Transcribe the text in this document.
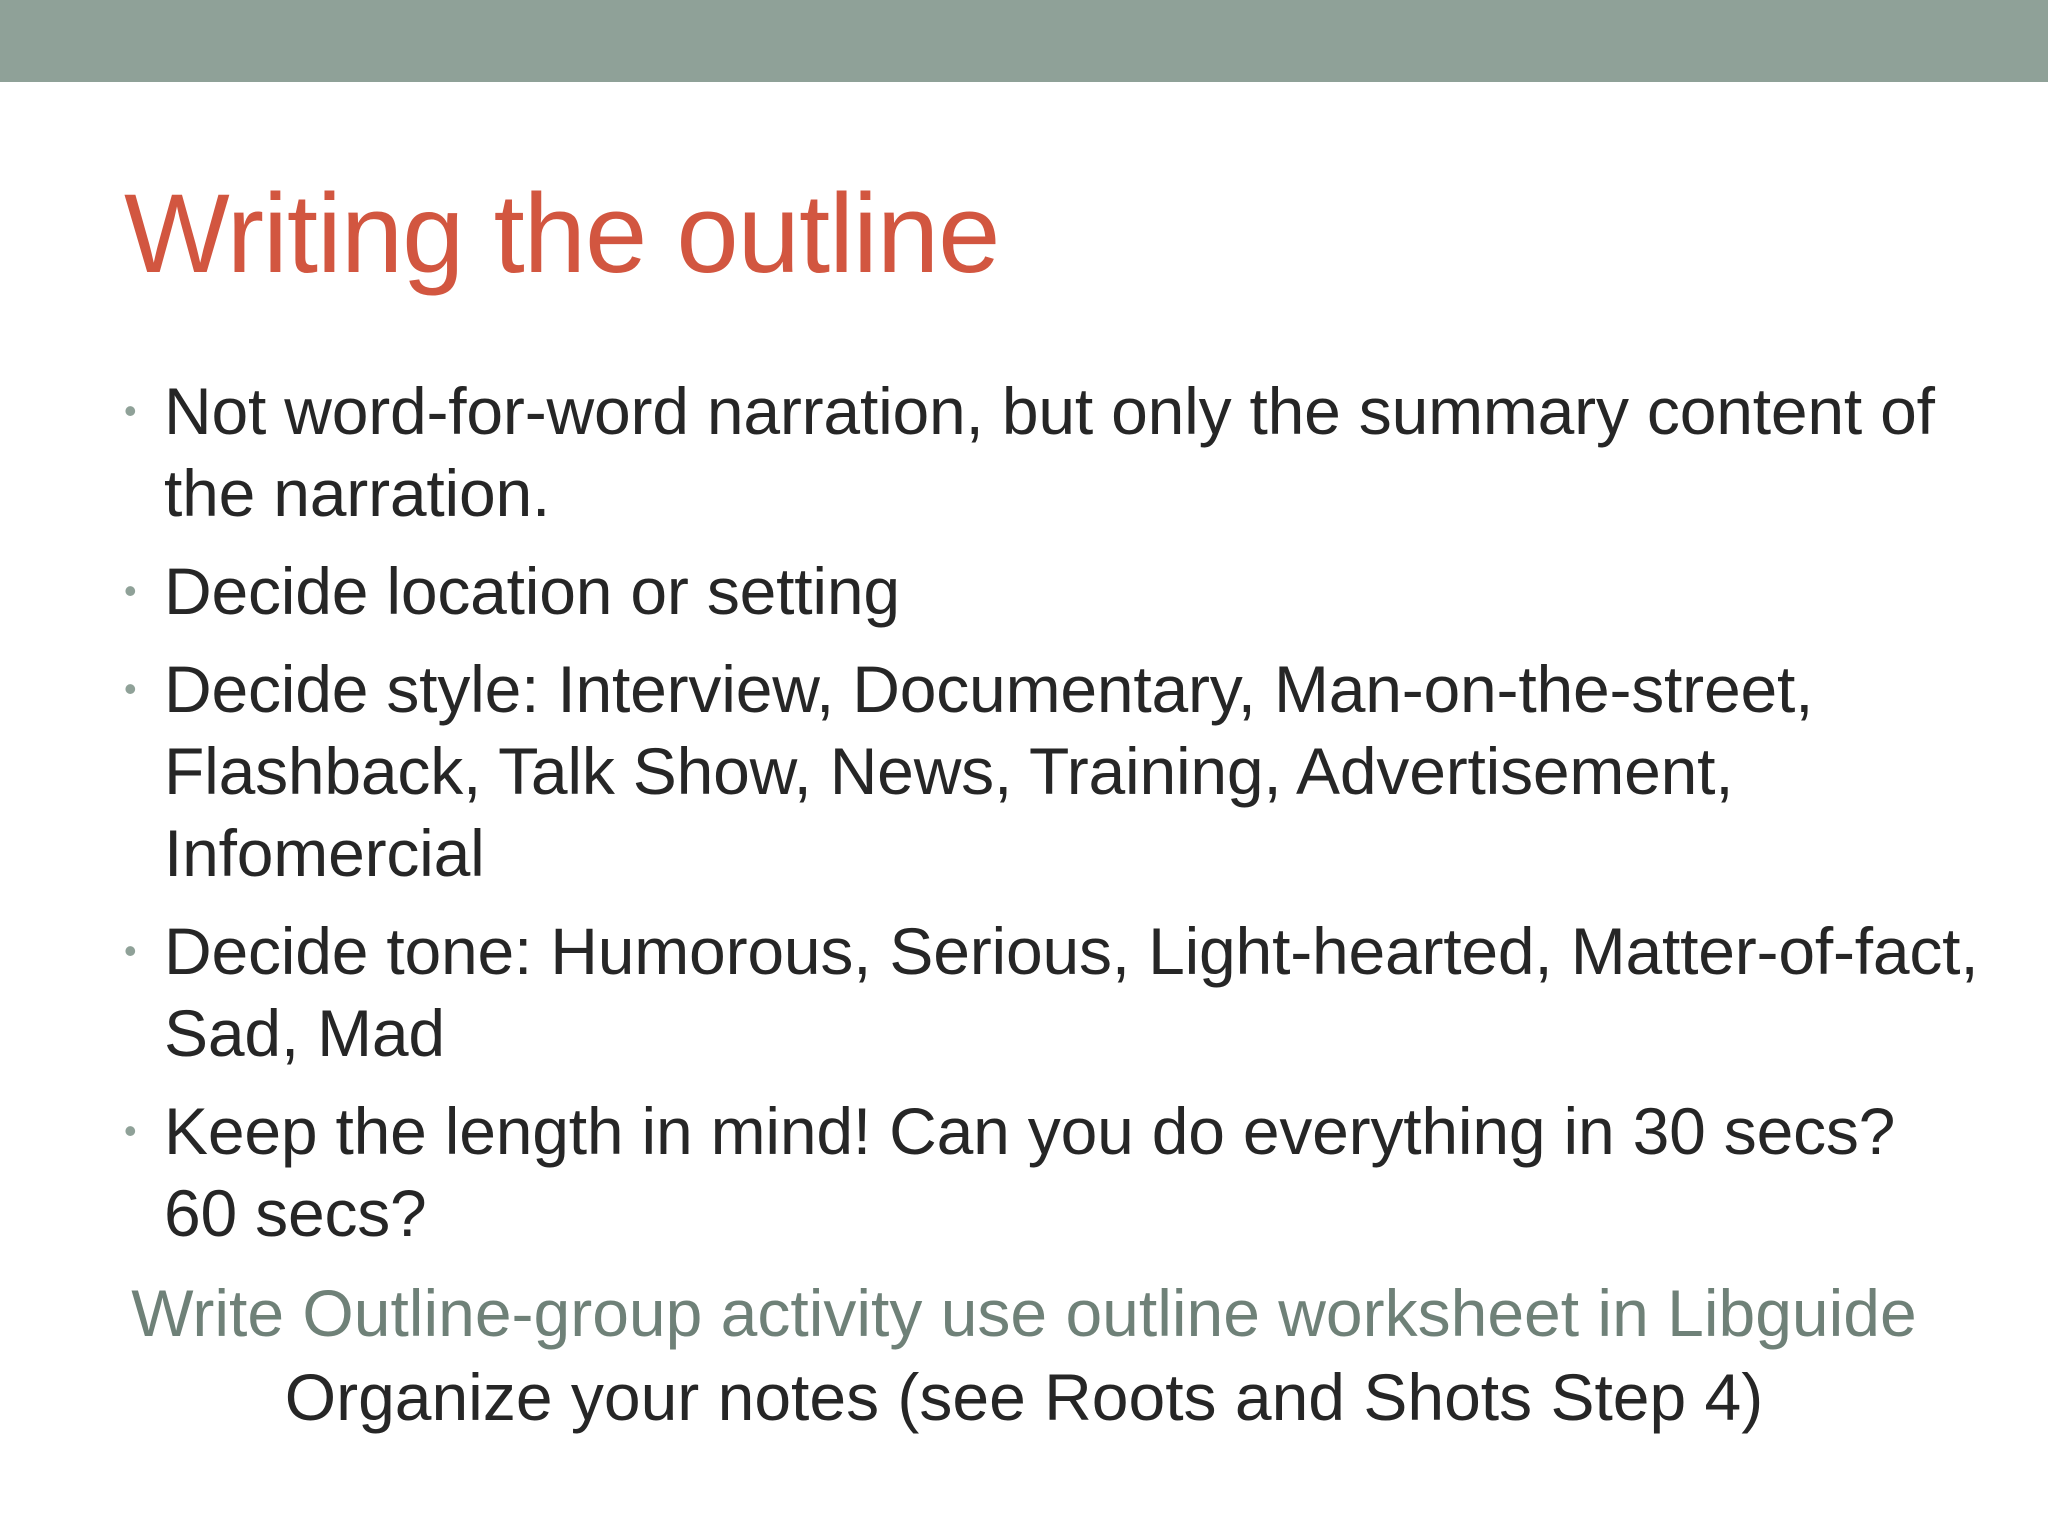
Writing the outline
• Not word-for-word narration, but only the summary content of the narration.
• Decide location or setting
• Decide style: Interview, Documentary, Man-on-the-street, Flashback, Talk Show, News, Training, Advertisement, Infomercial
• Decide tone: Humorous, Serious, Light-hearted, Matter-of-fact, Sad, Mad
• Keep the length in mind! Can you do everything in 30 secs? 60 secs?

Write Outline-group activity use outline worksheet in Libguide

Organize your notes (see Roots and Shots Step 4)
